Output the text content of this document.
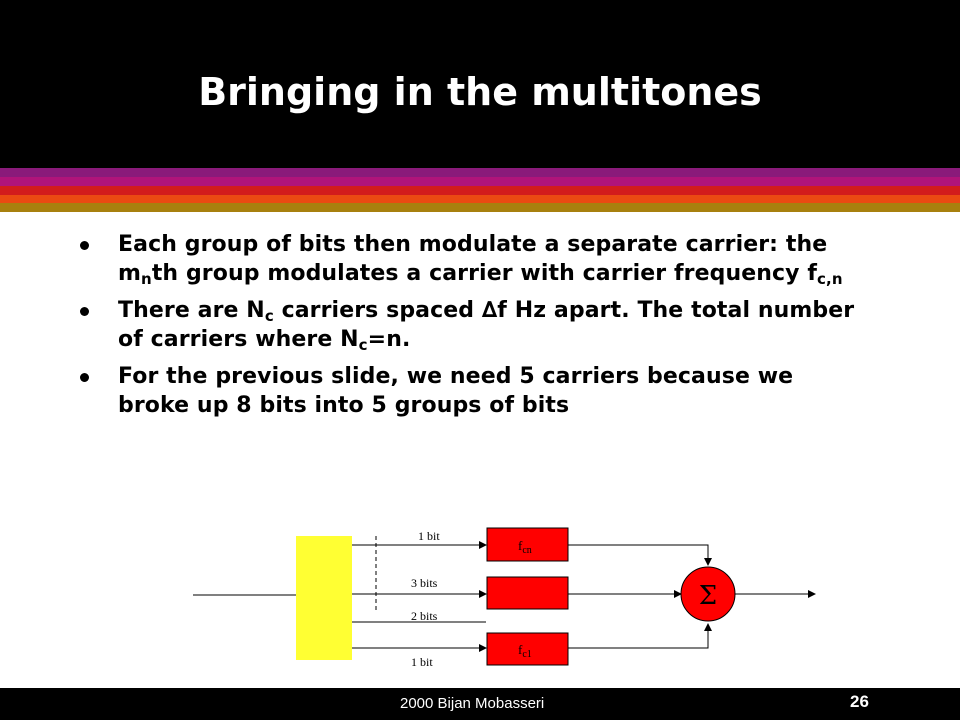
Bringing in the multitones
Each group of bits then modulate a separate carrier: the $m_nth$ group modulates a carrier with carrier frequency $f_{c,n}$
There are $N_c$ carriers spaced ∆f Hz apart. The total number of carriers where $N_c=n$.
For the previous slide, we need 5 carriers because we broke up 8 bits into 5 groups of bits
Σ
1 bit
3 bits
2 bits
1 bit
$f_{cn}$
$f_{c1}$
2000 Bijan Mobasseri	26
